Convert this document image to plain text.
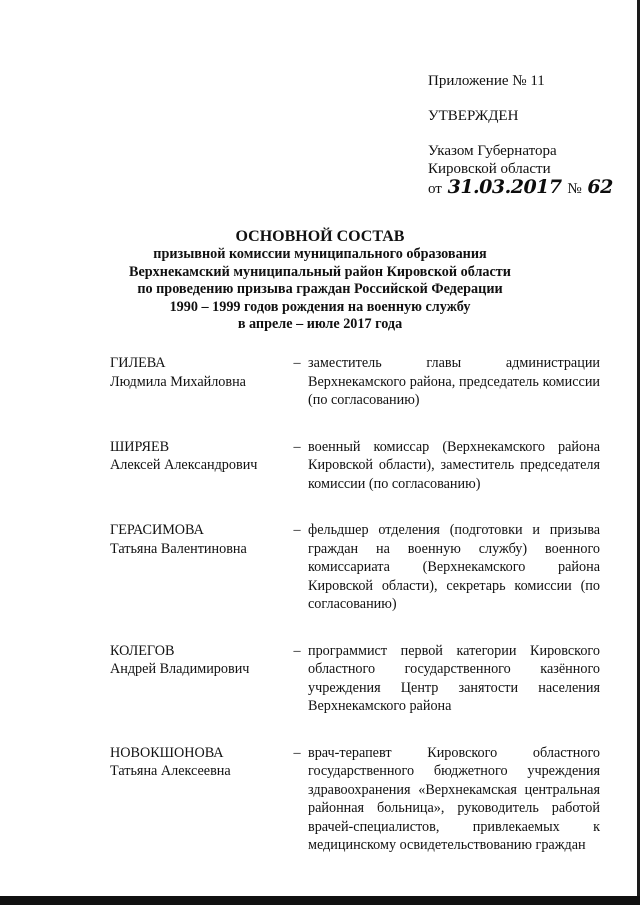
Приложение № 11
УТВЕРЖДЕН
Указом Губернатора
Кировской области
от 31.03.2017 № 62
ОСНОВНОЙ СОСТАВ
призывной комиссии муниципального образования
Верхнекамский муниципальный район Кировской области
по проведению призыва граждан Российской Федерации
1990 – 1999 годов рождения на военную службу
в апреле – июле 2017 года
ГИЛЕВА
Людмила Михайловна
– заместитель главы администрации Верхнекамского района, председатель комиссии (по согласованию)
ШИРЯЕВ
Алексей Александрович
– военный комиссар (Верхнекамского района Кировской области), заместитель председателя комиссии (по согласованию)
ГЕРАСИМОВА
Татьяна Валентиновна
– фельдшер отделения (подготовки и призыва граждан на военную службу) военного комиссариата (Верхнекамского района Кировской области), секретарь комиссии (по согласованию)
КОЛЕГОВ
Андрей Владимирович
– программист первой категории Кировского областного государственного казённого учреждения Центр занятости населения Верхнекамского района
НОВОКШОНОВА
Татьяна Алексеевна
– врач-терапевт Кировского областного государственного бюджетного учреждения здравоохранения «Верхнекамская центральная районная больница», руководитель работой врачей-специалистов, привлекаемых к медицинскому освидетельствованию граждан
